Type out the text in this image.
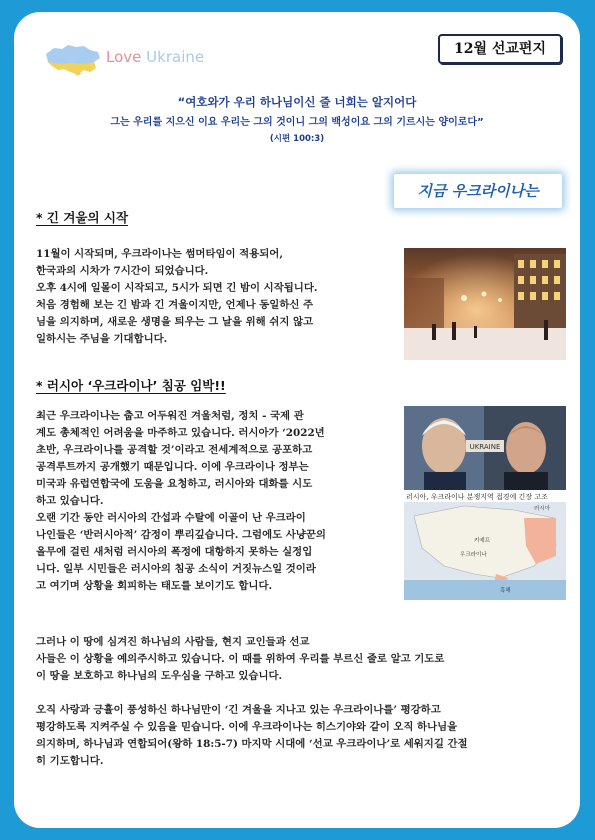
Love Ukraine	12월 선교편지
“여호와가 우리 하나님이신 줄 너희는 알지어다
그는 우리를 지으신 이요 우리는 그의 것이니 그의 백성이요 그의 기르시는 양이로다”
(시편 100:3)
지금 우크라이나는
* 긴 겨울의 시작
11월이 시작되며, 우크라이나는 썸머타임이 적용되어,
한국과의 시차가 7시간이 되었습니다.
오후 4시에 일몰이 시작되고, 5시가 되면 긴 밤이 시작됩니다.
처음 경험해 보는 긴 밤과 긴 겨울이지만, 언제나 동일하신 주
님을 의지하며, 새로운 생명을 틔우는 그 날을 위해 쉬지 않고
일하시는 주님을 기대합니다.
* 러시아 ‘우크라이나’ 침공 임박!!
최근 우크라이나는 춥고 어두워진 겨울처럼, 정치 - 국제 관
계도 총체적인 어려움을 마주하고 있습니다. 러시아가 ‘2022년
초반, 우크라이나를 공격할 것’이라고 전세계적으로 공포하고
공격루트까지 공개했기 때문입니다. 이에 우크라이나 정부는
미국과 유럽연합국에 도움을 요청하고, 러시아와 대화를 시도
하고 있습니다.
오랜 기간 동안 러시아의 간섭과 수탈에 이골이 난 우크라이
나인들은 ‘반러시아적’ 감정이 뿌리깊습니다. 그럼에도 사냥꾼의
올무에 걸린 새처럼 러시아의 폭정에 대항하지 못하는 실정입
니다. 일부 시민들은 러시아의 침공 소식이 거짓뉴스일 것이라
고 여기며 상황을 회피하는 태도를 보이기도 합니다.
UKRAINE
러시아, 우크라이나 분쟁지역 접경에 긴장 고조
키예프
러시아
우크라이나
흑해
그러나 이 땅에 심겨진 하나님의 사람들, 현지 교인들과 선교
사들은 이 상황을 예의주시하고 있습니다. 이 때를 위하여 우리를 부르신 줄로 알고 기도로
이 땅을 보호하고 하나님의 도우심을 구하고 있습니다.
오직 사랑과 긍휼이 풍성하신 하나님만이 ‘긴 겨울을 지나고 있는 우크라이나를’ 평강하고
평강하도록 지켜주실 수 있음을 믿습니다. 이에 우크라이나는 히스기야와 같이 오직 하나님을
의지하며, 하나님과 연합되어(왕하 18:5-7) 마지막 시대에 ‘선교 우크라이나’로 세워지길 간절
히 기도합니다.
